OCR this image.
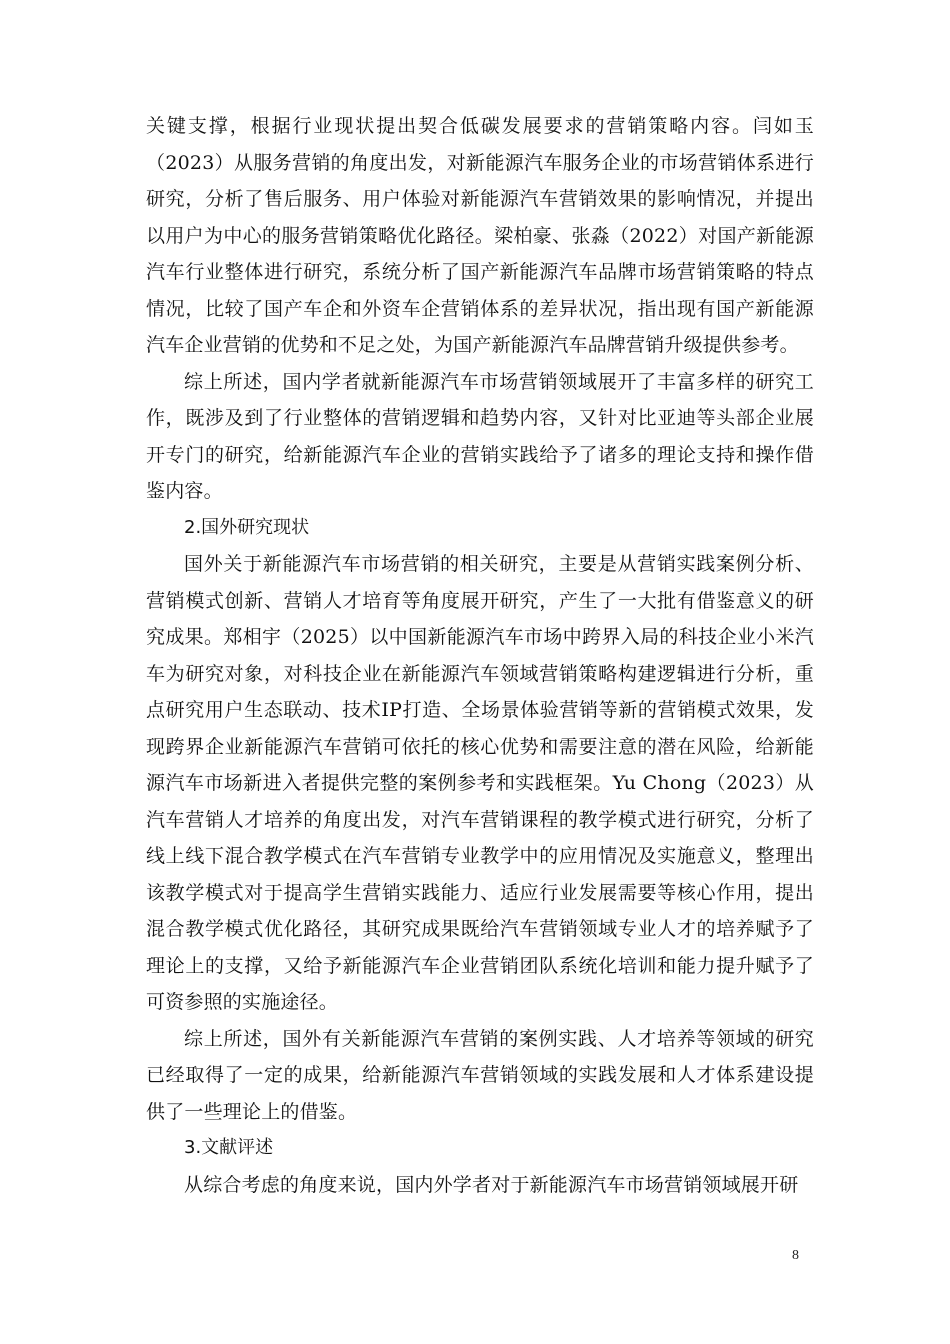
关键支撑，根据行业现状提出契合低碳发展要求的营销策略内容。闫如玉（2023）从服务营销的角度出发，对新能源汽车服务企业的市场营销体系进行研究，分析了售后服务、用户体验对新能源汽车营销效果的影响情况，并提出以用户为中心的服务营销策略优化路径。梁柏豪、张淼（2022）对国产新能源汽车行业整体进行研究，系统分析了国产新能源汽车品牌市场营销策略的特点情况，比较了国产车企和外资车企营销体系的差异状况，指出现有国产新能源汽车企业营销的优势和不足之处，为国产新能源汽车品牌营销升级提供参考。

综上所述，国内学者就新能源汽车市场营销领域展开了丰富多样的研究工作，既涉及到了行业整体的营销逻辑和趋势内容，又针对比亚迪等头部企业展开专门的研究，给新能源汽车企业的营销实践给予了诸多的理论支持和操作借鉴内容。

2.国外研究现状

国外关于新能源汽车市场营销的相关研究，主要是从营销实践案例分析、营销模式创新、营销人才培育等角度展开研究，产生了一大批有借鉴意义的研究成果。郑相宇（2025）以中国新能源汽车市场中跨界入局的科技企业小米汽车为研究对象，对科技企业在新能源汽车领域营销策略构建逻辑进行分析，重点研究用户生态联动、技术IP打造、全场景体验营销等新的营销模式效果，发现跨界企业新能源汽车营销可依托的核心优势和需要注意的潜在风险，给新能源汽车市场新进入者提供完整的案例参考和实践框架。Yu Chong（2023）从汽车营销人才培养的角度出发，对汽车营销课程的教学模式进行研究，分析了线上线下混合教学模式在汽车营销专业教学中的应用情况及实施意义，整理出该教学模式对于提高学生营销实践能力、适应行业发展需要等核心作用，提出混合教学模式优化路径，其研究成果既给汽车营销领域专业人才的培养赋予了理论上的支撑，又给予新能源汽车企业营销团队系统化培训和能力提升赋予了可资参照的实施途径。

综上所述，国外有关新能源汽车营销的案例实践、人才培养等领域的研究已经取得了一定的成果，给新能源汽车营销领域的实践发展和人才体系建设提供了一些理论上的借鉴。

3.文献评述

从综合考虑的角度来说，国内外学者对于新能源汽车市场营销领域展开研

8
